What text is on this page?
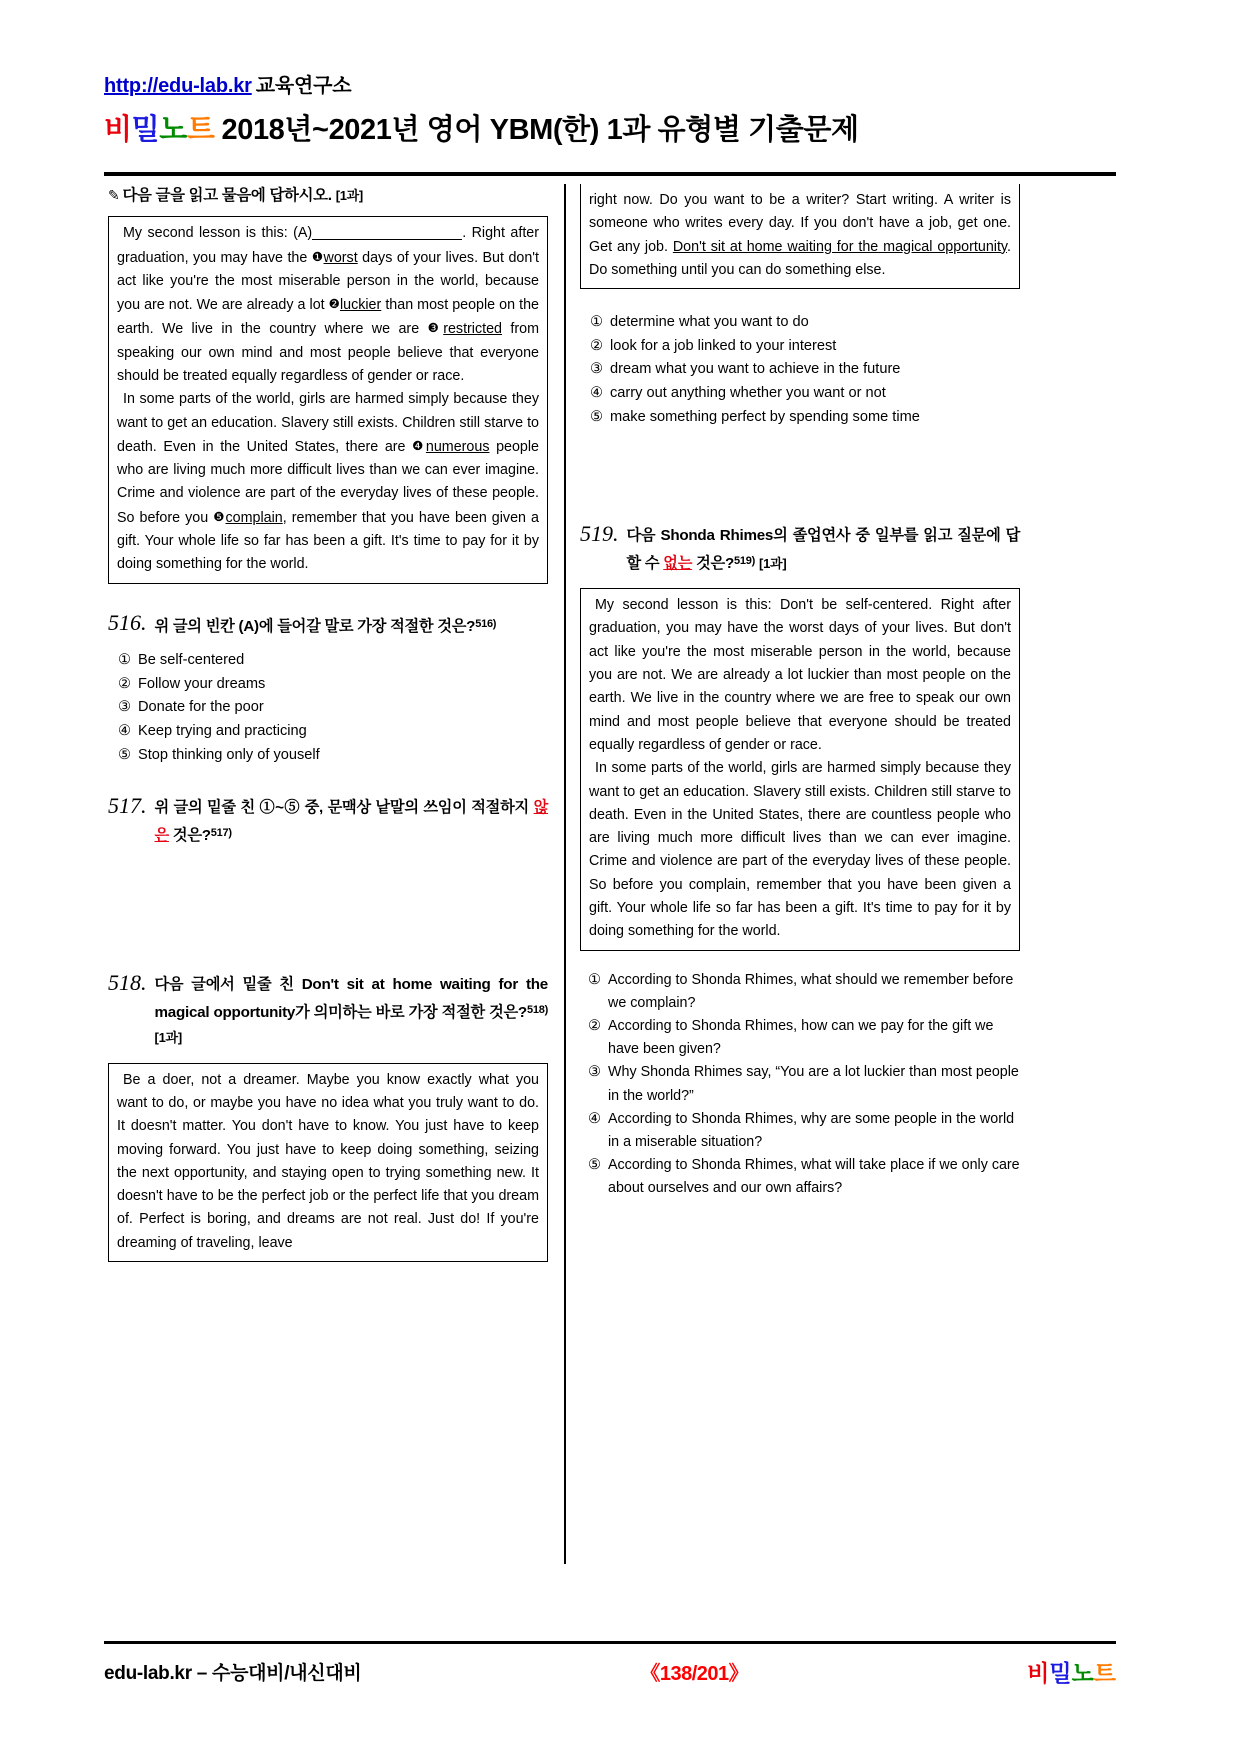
http://edu-lab.kr 교육연구소
비밀노트 2018년~2021년 영어 YBM(한) 1과 유형별 기출문제
✎ 다음 글을 읽고 물음에 답하시오. [1과]

My second lesson is this: (A)	. Right after graduation, you may have the ❶worst days of your lives. But don't act like you're the most miserable person in the world, because you are not. We are already a lot ❷luckier than most people on the earth. We live in the country where we are ❸restricted from speaking our own mind and most people believe that everyone should be treated equally regardless of gender or race.

In some parts of the world, girls are harmed simply because they want to get an education. Slavery still exists. Children still starve to death. Even in the United States, there are ❹numerous people who are living much more difficult lives than we can ever imagine. Crime and violence are part of the everyday lives of these people. So before you ❺complain, remember that you have been given a gift. Your whole life so far has been a gift. It's time to pay for it by doing something for the world.

516. 위 글의 빈칸 (A)에 들어갈 말로 가장 적절한 것은?$^{516)}$
① Be self-centered
② Follow your dreams
③ Donate for the poor
④ Keep trying and practicing
⑤ Stop thinking only of youself
517. 위 글의 밑줄 친 ①~⑤ 중, 문맥상 낱말의 쓰임이 적절하지 않은 것은?$^{517)}$
518. 다음 글에서 밑줄 친 Don't sit at home waiting for the magical opportunity가 의미하는 바로 가장 적절한 것은?$^{518)}$ [1과]

Be a doer, not a dreamer. Maybe you know exactly what you want to do, or maybe you have no idea what you truly want to do. It doesn't matter. You don't have to know. You just have to keep moving forward. You just have to keep doing something, seizing the next opportunity, and staying open to trying something new. It doesn't have to be the perfect job or the perfect life that you dream of. Perfect is boring, and dreams are not real. Just do! If you're dreaming of traveling, leave

right now. Do you want to be a writer? Start writing. A writer is someone who writes every day. If you don't have a job, get one. Get any job. Don't sit at home waiting for the magical opportunity. Do something until you can do something else.

① determine what you want to do
② look for a job linked to your interest
③ dream what you want to achieve in the future
④ carry out anything whether you want or not
⑤ make something perfect by spending some time
519. 다음 Shonda Rhimes의 졸업연사 중 일부를 읽고 질문에 답할 수 없는 것은?$^{519)}$ [1과]

My second lesson is this: Don't be self-centered. Right after graduation, you may have the worst days of your lives. But don't act like you're the most miserable person in the world, because you are not. We are already a lot luckier than most people on the earth. We live in the country where we are free to speak our own mind and most people believe that everyone should be treated equally regardless of gender or race.

In some parts of the world, girls are harmed simply because they want to get an education. Slavery still exists. Children still starve to death. Even in the United States, there are countless people who are living much more difficult lives than we can ever imagine. Crime and violence are part of the everyday lives of these people. So before you complain, remember that you have been given a gift. Your whole life so far has been a gift. It's time to pay for it by doing something for the world.

① According to Shonda Rhimes, what should we remember before we complain?
② According to Shonda Rhimes, how can we pay for the gift we have been given?
③ Why Shonda Rhimes say, “You are a lot luckier than most people in the world?”
④ According to Shonda Rhimes, why are some people in the world in a miserable situation?
⑤ According to Shonda Rhimes, what will take place if we only care about ourselves and our own affairs?
edu-lab.kr – 수능대비/내신대비	《138/201》	비밀노트
